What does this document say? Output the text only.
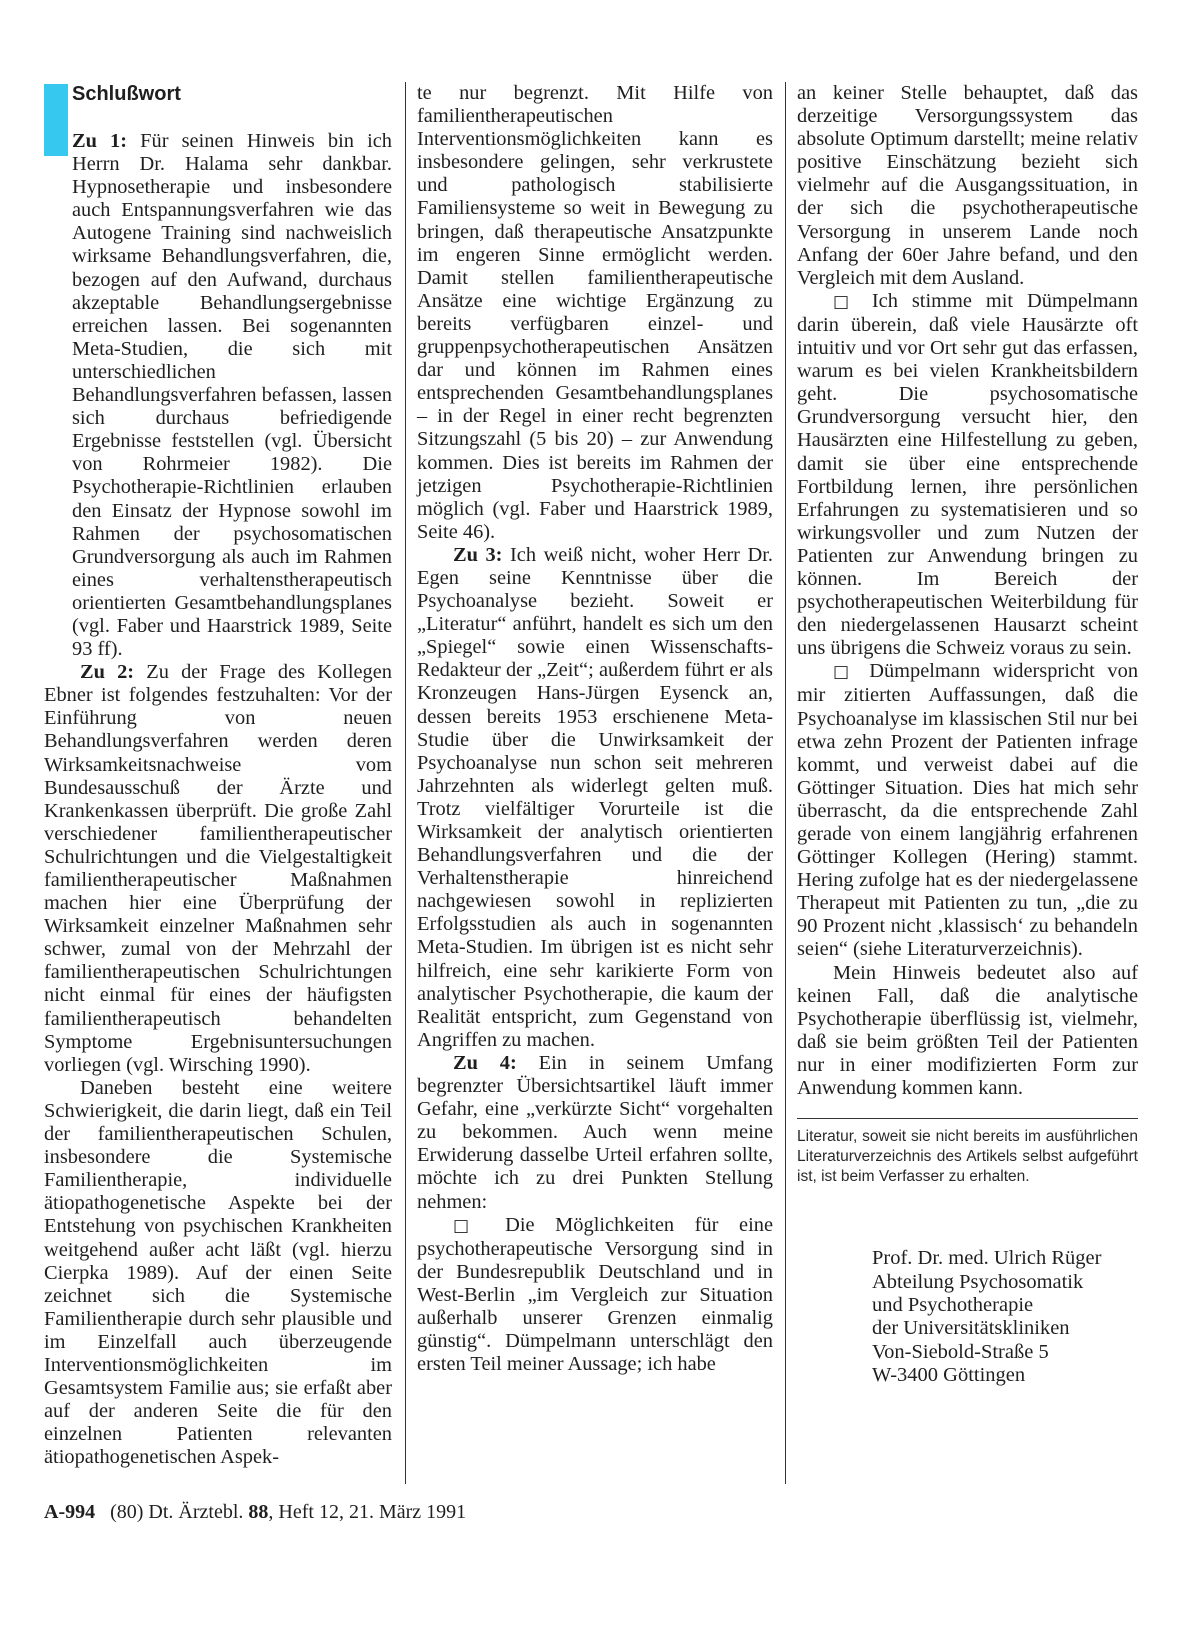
Schlußwort

Zu 1: Für seinen Hinweis bin ich Herrn Dr. Halama sehr dankbar. Hypnosetherapie und insbesondere auch Entspannungsverfahren wie das Autogene Training sind nachweislich wirksame Behandlungsverfahren, die, bezogen auf den Aufwand, durchaus akzeptable Behandlungsergebnisse erreichen lassen. Bei sogenannten Meta-Studien, die sich mit unterschiedlichen Behandlungsverfahren befassen, lassen sich durchaus befriedigende Ergebnisse feststellen (vgl. Übersicht von Rohrmeier 1982). Die Psychotherapie-Richtlinien erlauben den Einsatz der Hypnose sowohl im Rahmen der psychosomatischen Grundversorgung als auch im Rahmen eines verhaltenstherapeutisch orientierten Gesamtbehandlungsplanes (vgl. Faber und Haarstrick 1989, Seite 93 ff).

Zu 2: Zu der Frage des Kollegen Ebner ist folgendes festzuhalten: Vor der Einführung von neuen Behandlungsverfahren werden deren Wirksamkeitsnachweise vom Bundesausschuß der Ärzte und Krankenkassen überprüft. Die große Zahl verschiedener familientherapeutischer Schulrichtungen und die Vielgestaltigkeit familientherapeutischer Maßnahmen machen hier eine Überprüfung der Wirksamkeit einzelner Maßnahmen sehr schwer, zumal von der Mehrzahl der familientherapeutischen Schulrichtungen nicht einmal für eines der häufigsten familientherapeutisch behandelten Symptome Ergebnisuntersuchungen vorliegen (vgl. Wirsching 1990).

Daneben besteht eine weitere Schwierigkeit, die darin liegt, daß ein Teil der familientherapeutischen Schulen, insbesondere die Systemische Familientherapie, individuelle ätiopathogenetische Aspekte bei der Entstehung von psychischen Krankheiten weitgehend außer acht läßt (vgl. hierzu Cierpka 1989). Auf der einen Seite zeichnet sich die Systemische Familientherapie durch sehr plausible und im Einzelfall auch überzeugende Interventionsmöglichkeiten im Gesamtsystem Familie aus; sie erfaßt aber auf der anderen Seite die für den einzelnen Patienten relevanten ätiopathogenetischen Aspek-

te nur begrenzt. Mit Hilfe von familientherapeutischen Interventionsmöglichkeiten kann es insbesondere gelingen, sehr verkrustete und pathologisch stabilisierte Familiensysteme so weit in Bewegung zu bringen, daß therapeutische Ansatzpunkte im engeren Sinne ermöglicht werden. Damit stellen familientherapeutische Ansätze eine wichtige Ergänzung zu bereits verfügbaren einzel- und gruppenpsychotherapeutischen Ansätzen dar und können im Rahmen eines entsprechenden Gesamtbehandlungsplanes – in der Regel in einer recht begrenzten Sitzungszahl (5 bis 20) – zur Anwendung kommen. Dies ist bereits im Rahmen der jetzigen Psychotherapie-Richtlinien möglich (vgl. Faber und Haarstrick 1989, Seite 46).

Zu 3: Ich weiß nicht, woher Herr Dr. Egen seine Kenntnisse über die Psychoanalyse bezieht. Soweit er „Literatur“ anführt, handelt es sich um den „Spiegel“ sowie einen Wissenschafts-Redakteur der „Zeit“; außerdem führt er als Kronzeugen Hans-Jürgen Eysenck an, dessen bereits 1953 erschienene Meta-Studie über die Unwirksamkeit der Psychoanalyse nun schon seit mehreren Jahrzehnten als widerlegt gelten muß. Trotz vielfältiger Vorurteile ist die Wirksamkeit der analytisch orientierten Behandlungsverfahren und die der Verhaltenstherapie hinreichend nachgewiesen sowohl in replizierten Erfolgsstudien als auch in sogenannten Meta-Studien. Im übrigen ist es nicht sehr hilfreich, eine sehr karikierte Form von analytischer Psychotherapie, die kaum der Realität entspricht, zum Gegenstand von Angriffen zu machen.

Zu 4: Ein in seinem Umfang begrenzter Übersichtsartikel läuft immer Gefahr, eine „verkürzte Sicht“ vorgehalten zu bekommen. Auch wenn meine Erwiderung dasselbe Urteil erfahren sollte, möchte ich zu drei Punkten Stellung nehmen:

□ Die Möglichkeiten für eine psychotherapeutische Versorgung sind in der Bundesrepublik Deutschland und in West-Berlin „im Vergleich zur Situation außerhalb unserer Grenzen einmalig günstig“. Dümpelmann unterschlägt den ersten Teil meiner Aussage; ich habe

an keiner Stelle behauptet, daß das derzeitige Versorgungssystem das absolute Optimum darstellt; meine relativ positive Einschätzung bezieht sich vielmehr auf die Ausgangssituation, in der sich die psychotherapeutische Versorgung in unserem Lande noch Anfang der 60er Jahre befand, und den Vergleich mit dem Ausland.

□ Ich stimme mit Dümpelmann darin überein, daß viele Hausärzte oft intuitiv und vor Ort sehr gut das erfassen, warum es bei vielen Krankheitsbildern geht. Die psychosomatische Grundversorgung versucht hier, den Hausärzten eine Hilfestellung zu geben, damit sie über eine entsprechende Fortbildung lernen, ihre persönlichen Erfahrungen zu systematisieren und so wirkungsvoller und zum Nutzen der Patienten zur Anwendung bringen zu können. Im Bereich der psychotherapeutischen Weiterbildung für den niedergelassenen Hausarzt scheint uns übrigens die Schweiz voraus zu sein.

□ Dümpelmann widerspricht von mir zitierten Auffassungen, daß die Psychoanalyse im klassischen Stil nur bei etwa zehn Prozent der Patienten infrage kommt, und verweist dabei auf die Göttinger Situation. Dies hat mich sehr überrascht, da die entsprechende Zahl gerade von einem langjährig erfahrenen Göttinger Kollegen (Hering) stammt. Hering zufolge hat es der niedergelassene Therapeut mit Patienten zu tun, „die zu 90 Prozent nicht ‚klassisch‘ zu behandeln seien“ (siehe Literaturverzeichnis).

Mein Hinweis bedeutet also auf keinen Fall, daß die analytische Psychotherapie überflüssig ist, vielmehr, daß sie beim größten Teil der Patienten nur in einer modifizierten Form zur Anwendung kommen kann.

Literatur, soweit sie nicht bereits im ausführlichen Literaturverzeichnis des Artikels selbst aufgeführt ist, ist beim Verfasser zu erhalten.
Prof. Dr. med. Ulrich Rüger
Abteilung Psychosomatik
und Psychotherapie
der Universitätskliniken
Von-Siebold-Straße 5
W-3400 Göttingen
A-994 (80) Dt. Ärztebl. 88, Heft 12, 21. März 1991
